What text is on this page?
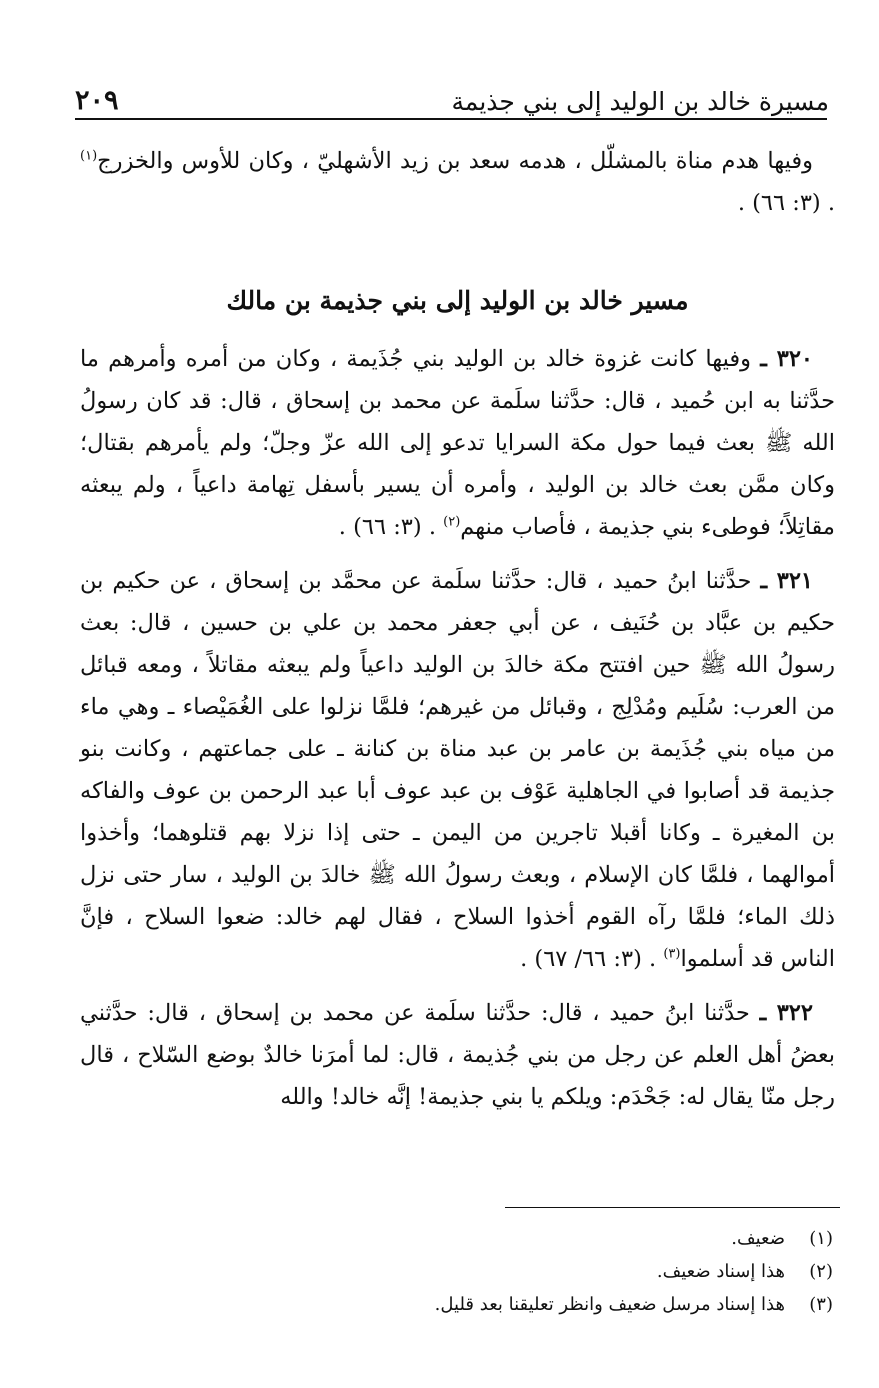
٢٠٩	مسيرة خالد بن الوليد إلى بني جذيمة

وفيها هدم مناة بالمشلّل ، هدمه سعد بن زيد الأشهليّ ، وكان للأوس والخزرج$^{(١)}$ . (٣: ٦٦) .

مسير خالد بن الوليد إلى بني جذيمة بن مالك

٣٢٠ ـ وفيها كانت غزوة خالد بن الوليد بني جُذَيمة ، وكان من أمره وأمرهم ما حدَّثنا به ابن حُميد ، قال: حدَّثنا سلَمة عن محمد بن إسحاق ، قال: قد كان رسولُ الله ﷺ بعث فيما حول مكة السرايا تدعو إلى الله عزّ وجلّ؛ ولم يأمرهم بقتال؛ وكان ممَّن بعث خالد بن الوليد ، وأمره أن يسير بأسفل تِهامة داعياً ، ولم يبعثه مقاتِلاً؛ فوطىء بني جذيمة ، فأصاب منهم$^{(٢)}$ . (٣: ٦٦) .

٣٢١ ـ حدَّثنا ابنُ حميد ، قال: حدَّثنا سلَمة عن محمَّد بن إسحاق ، عن حكيم بن حكيم بن عبَّاد بن حُنَيف ، عن أبي جعفر محمد بن علي بن حسين ، قال: بعث رسولُ الله ﷺ حين افتتح مكة خالدَ بن الوليد داعياً ولم يبعثه مقاتلاً ، ومعه قبائل من العرب: سُلَيم ومُدْلِج ، وقبائل من غيرهم؛ فلمَّا نزلوا على الغُمَيْصاء ـ وهي ماء من مياه بني جُذَيمة بن عامر بن عبد مناة بن كنانة ـ على جماعتهم ، وكانت بنو جذيمة قد أصابوا في الجاهلية عَوْف بن عبد عوف أبا عبد الرحمن بن عوف والفاكه بن المغيرة ـ وكانا أقبلا تاجرين من اليمن ـ حتى إذا نزلا بهم قتلوهما؛ وأخذوا أموالهما ، فلمَّا كان الإسلام ، وبعث رسولُ الله ﷺ خالدَ بن الوليد ، سار حتى نزل ذلك الماء؛ فلمَّا رآه القوم أخذوا السلاح ، فقال لهم خالد: ضعوا السلاح ، فإنَّ الناس قد أسلموا$^{(٣)}$ . (٣: ٦٦/ ٦٧) .

٣٢٢ ـ حدَّثنا ابنُ حميد ، قال: حدَّثنا سلَمة عن محمد بن إسحاق ، قال: حدَّثني بعضُ أهل العلم عن رجل من بني جُذيمة ، قال: لما أمرَنا خالدٌ بوضع السّلاح ، قال رجل منّا يقال له: جَحْدَم: ويلكم يا بني جذيمة! إنَّه خالد! والله

(١)
ضعيف.
(٢)
هذا إسناد ضعيف.
(٣)
هذا إسناد مرسل ضعيف وانظر تعليقنا بعد قليل.
